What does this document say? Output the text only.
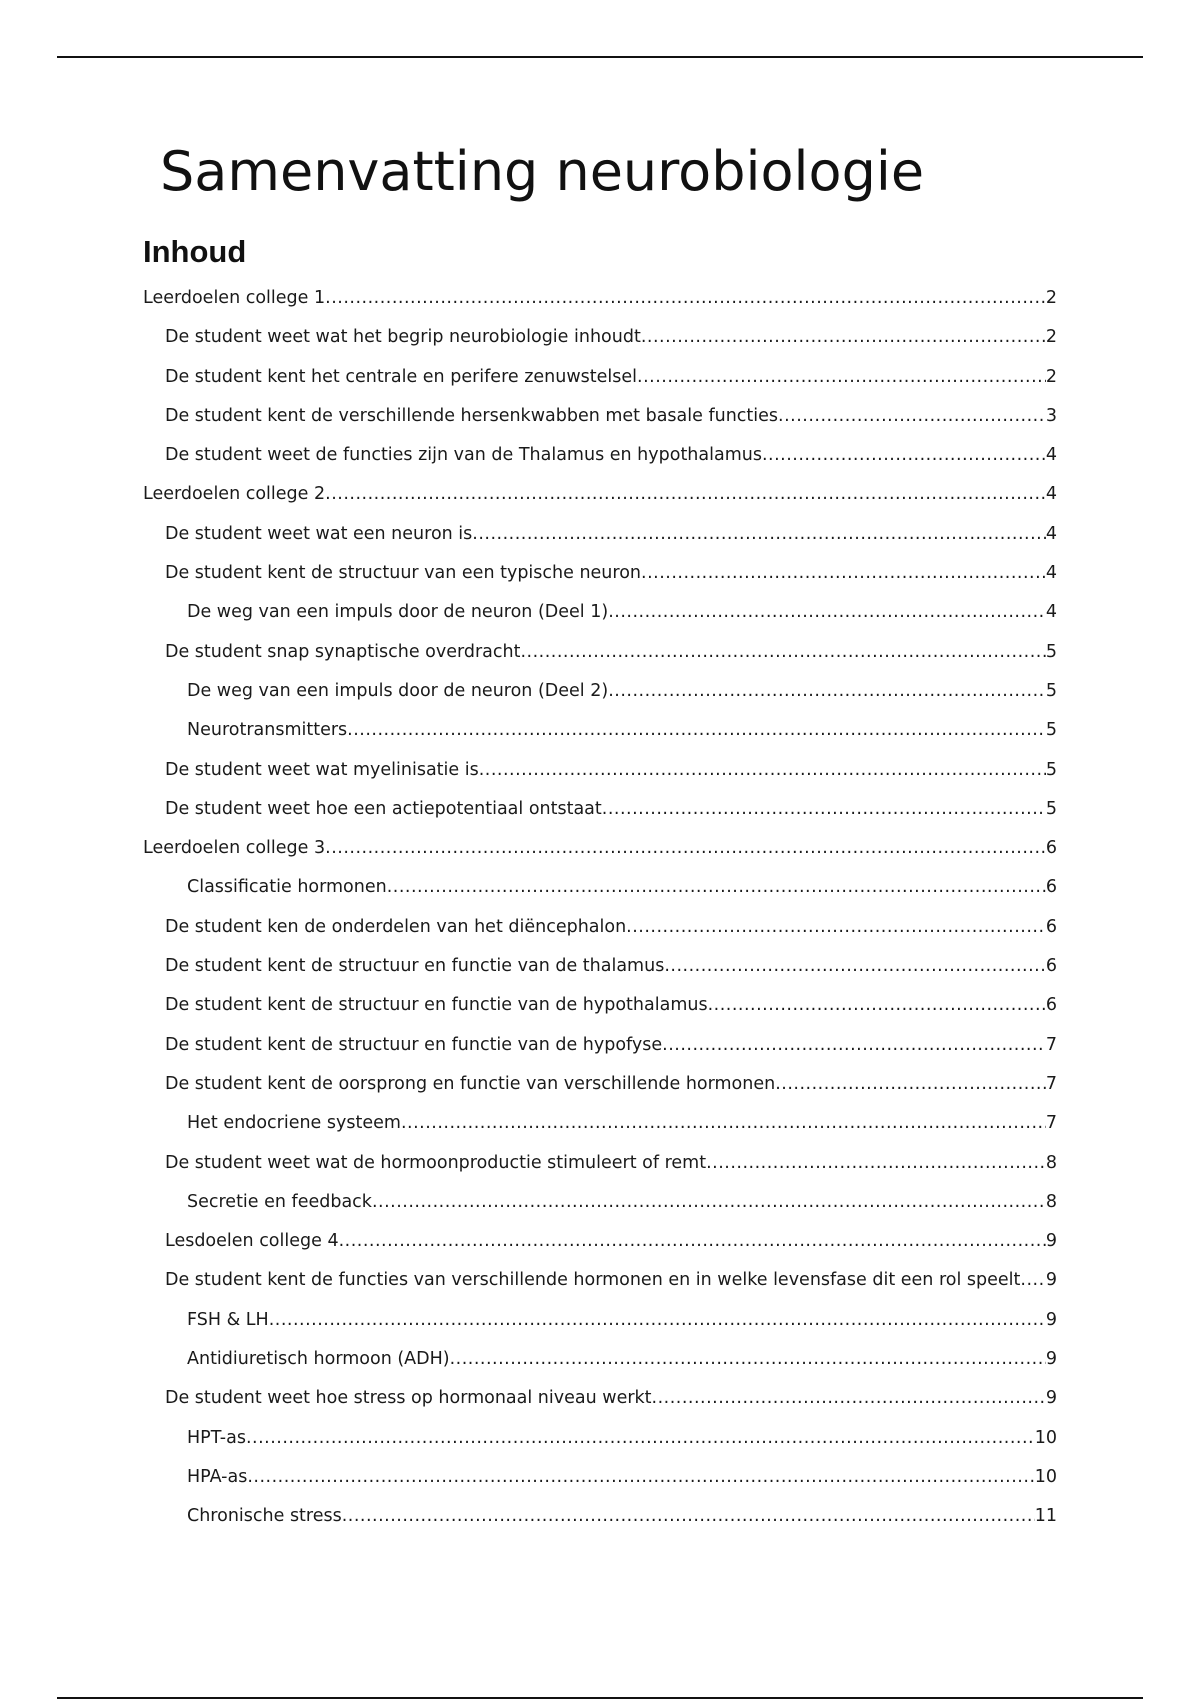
Samenvatting neurobiologie
Inhoud
Leerdoelen college 1 .....	2
De student weet wat het begrip neurobiologie inhoudt .....	2
De student kent het centrale en perifere zenuwstelsel .....	2
De student kent de verschillende hersenkwabben met basale functies .....	3
De student weet de functies zijn van de Thalamus en hypothalamus .....	4
Leerdoelen college 2 .....	4
De student weet wat een neuron is .....	4
De student kent de structuur van een typische neuron .....	4
De weg van een impuls door de neuron (Deel 1) .....	4
De student snap synaptische overdracht .....	5
De weg van een impuls door de neuron (Deel 2) .....	5
Neurotransmitters .....	5
De student weet wat myelinisatie is .....	5
De student weet hoe een actiepotentiaal ontstaat .....	5
Leerdoelen college 3 .....	6
Classificatie hormonen .....	6
De student ken de onderdelen van het diëncephalon .....	6
De student kent de structuur en functie van de thalamus .....	6
De student kent de structuur en functie van de hypothalamus .....	6
De student kent de structuur en functie van de hypofyse .....	7
De student kent de oorsprong en functie van verschillende hormonen .....	7
Het endocriene systeem .....	7
De student weet wat de hormoonproductie stimuleert of remt .....	8
Secretie en feedback .....	8
Lesdoelen college 4 .....	9
De student kent de functies van verschillende hormonen en in welke levensfase dit een rol speelt ..... 9
FSH & LH .....	9
Antidiuretisch hormoon (ADH) .....	9
De student weet hoe stress op hormonaal niveau werkt .....	9
HPT-as .....	10
HPA-as .....	10
Chronische stress .....	11
